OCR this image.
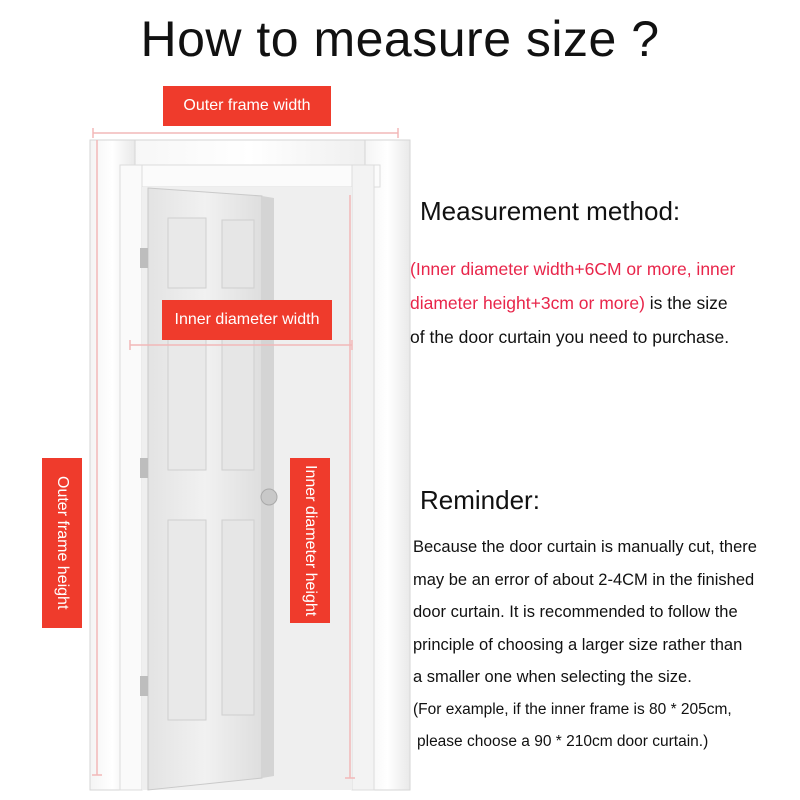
How to measure size ?
Outer frame width
Inner diameter width
Outer frame height	Inner diameter height
Measurement method:
(Inner diameter width+6CM or more, inner
diameter height+3cm or more) is the size
of the door curtain you need to purchase.
Reminder:
Because the door curtain is manually cut, there
may be an error of about 2-4CM in the finished
door curtain. It is recommended to follow the
principle of choosing a larger size rather than
a smaller one when selecting the size.
(For example, if the inner frame is 80 * 205cm,
please choose a 90 * 210cm door curtain.)
